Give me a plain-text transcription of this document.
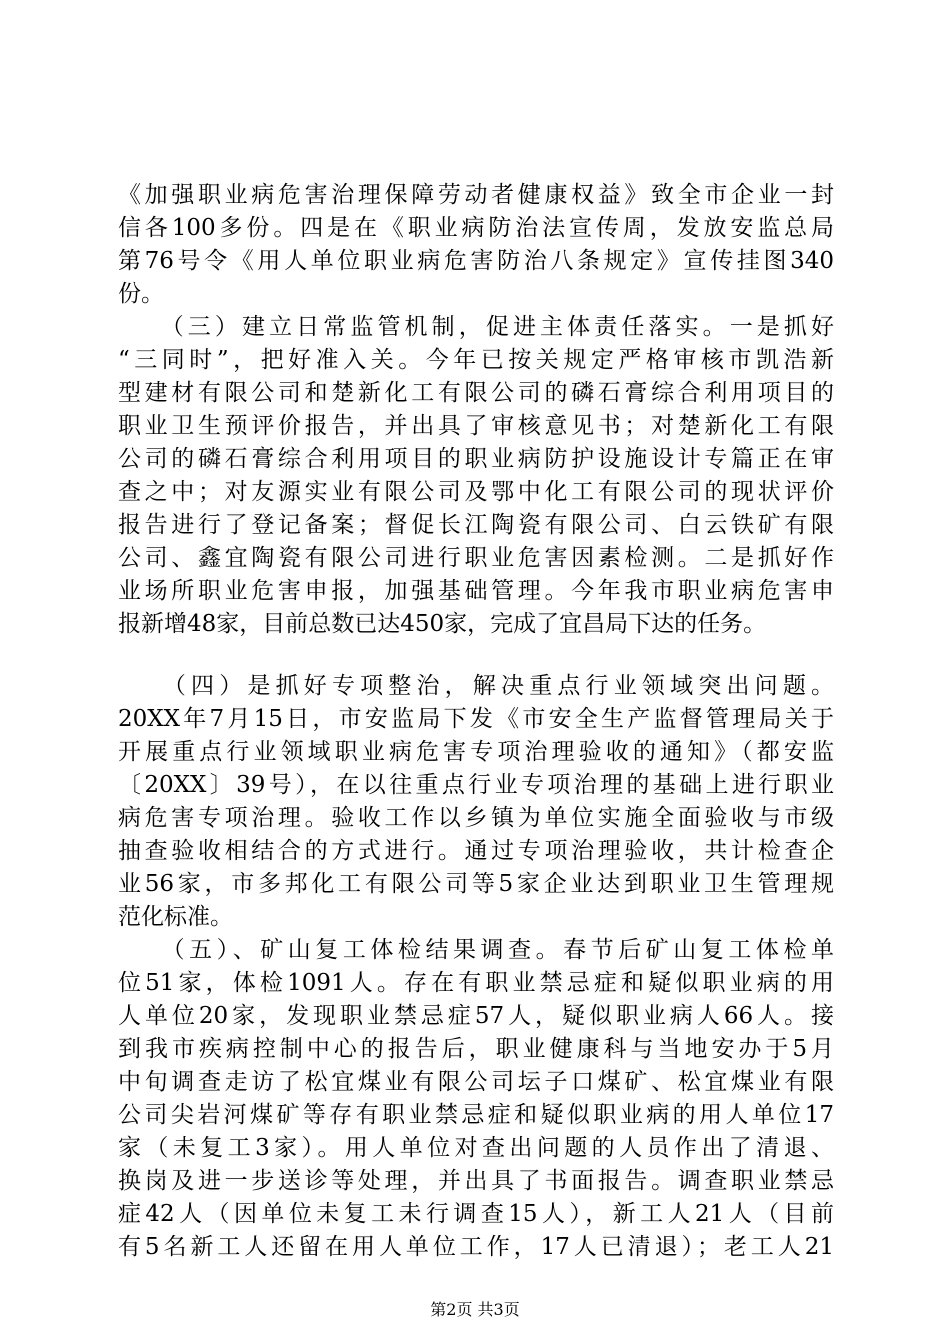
《加强职业病危害治理保障劳动者健康权益》致全市企业一封
信各100多份。四是在《职业病防治法宣传周，发放安监总局
第76号令《用人单位职业病危害防治八条规定》宣传挂图340
份。
　　（三）建立日常监管机制，促进主体责任落实。一是抓好
“三同时”，把好准入关。今年已按关规定严格审核市凯浩新
型建材有限公司和楚新化工有限公司的磷石膏综合利用项目的
职业卫生预评价报告，并出具了审核意见书；对楚新化工有限
公司的磷石膏综合利用项目的职业病防护设施设计专篇正在审
查之中；对友源实业有限公司及鄂中化工有限公司的现状评价
报告进行了登记备案；督促长江陶瓷有限公司、白云铁矿有限
公司、鑫宜陶瓷有限公司进行职业危害因素检测。二是抓好作
业场所职业危害申报，加强基础管理。今年我市职业病危害申
报新增48家，目前总数已达450家，完成了宜昌局下达的任务。
　　（四）是抓好专项整治，解决重点行业领域突出问题。
20XX年7月15日，市安监局下发《市安全生产监督管理局关于
开展重点行业领域职业病危害专项治理验收的通知》（都安监
〔20XX〕39号），在以往重点行业专项治理的基础上进行职业
病危害专项治理。验收工作以乡镇为单位实施全面验收与市级
抽查验收相结合的方式进行。通过专项治理验收，共计检查企
业56家，市多邦化工有限公司等5家企业达到职业卫生管理规
范化标准。
　　（五）、矿山复工体检结果调查。春节后矿山复工体检单
位51家，体检1091人。存在有职业禁忌症和疑似职业病的用
人单位20家，发现职业禁忌症57人，疑似职业病人66人。接
到我市疾病控制中心的报告后，职业健康科与当地安办于5月
中旬调查走访了松宜煤业有限公司坛子口煤矿、松宜煤业有限
公司尖岩河煤矿等存有职业禁忌症和疑似职业病的用人单位17
家（未复工3家）。用人单位对查出问题的人员作出了清退、
换岗及进一步送诊等处理，并出具了书面报告。调查职业禁忌
症42人（因单位未复工未行调查15人），新工人21人（目前
有5名新工人还留在用人单位工作，17人已清退）；老工人21
第2页 共3页
